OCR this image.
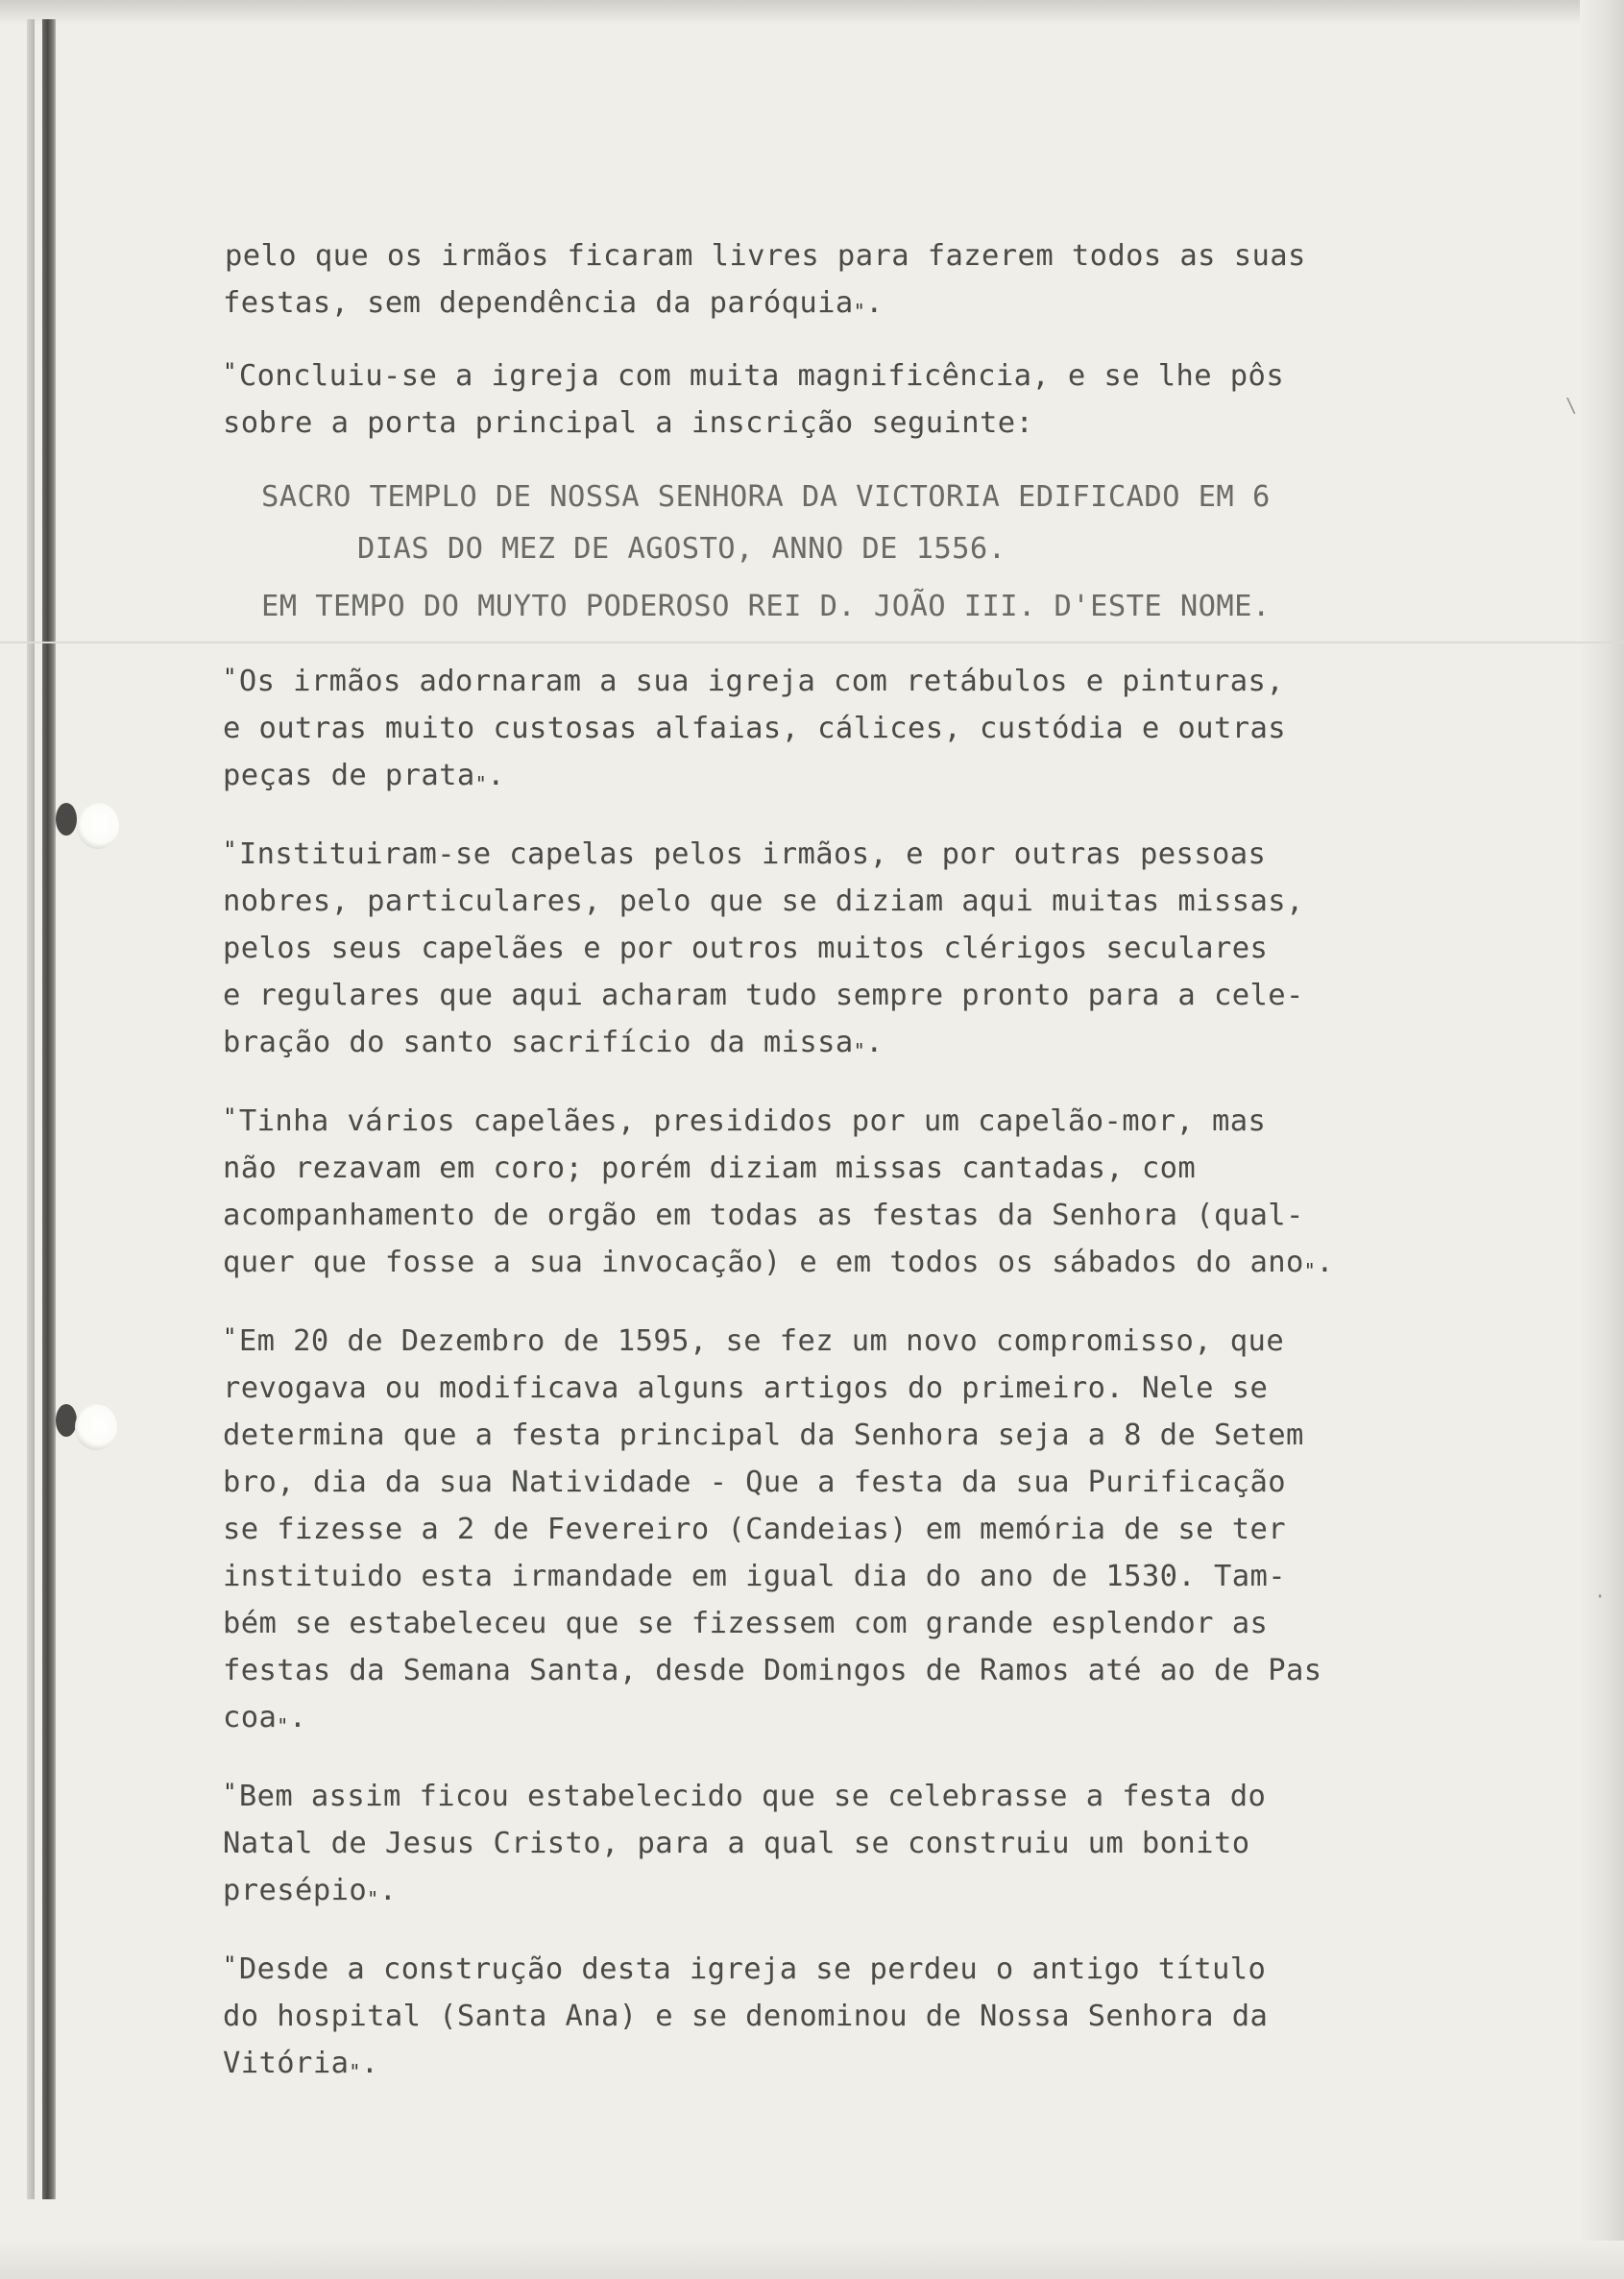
\
·

pelo que os irmãos ficaram livres para fazerem todos as suas
festas, sem dependência da paróquia".

"Concluiu-se a igreja com muita magnificência, e se lhe pôs
sobre a porta principal a inscrição seguinte:

SACRO TEMPLO DE NOSSA SENHORA DA VICTORIA EDIFICADO EM 6
DIAS DO MEZ DE AGOSTO, ANNO DE 1556.
EM TEMPO DO MUYTO PODEROSO REI D. JOÃO III. D'ESTE NOME.

"Os irmãos adornaram a sua igreja com retábulos e pinturas,
e outras muito custosas alfaias, cálices, custódia e outras
peças de prata".

"Instituiram-se capelas pelos irmãos, e por outras pessoas
nobres, particulares, pelo que se diziam aqui muitas missas,
pelos seus capelães e por outros muitos clérigos seculares
e regulares que aqui acharam tudo sempre pronto para a cele-
bração do santo sacrifício da missa".

"Tinha vários capelães, presididos por um capelão-mor, mas
não rezavam em coro; porém diziam missas cantadas, com
acompanhamento de orgão em todas as festas da Senhora (qual-
quer que fosse a sua invocação) e em todos os sábados do ano".

"Em 20 de Dezembro de 1595, se fez um novo compromisso, que
revogava ou modificava alguns artigos do primeiro. Nele se
determina que a festa principal da Senhora seja a 8 de Setem
bro, dia da sua Natividade - Que a festa da sua Purificação
se fizesse a 2 de Fevereiro (Candeias) em memória de se ter
instituido esta irmandade em igual dia do ano de 1530. Tam-
bém se estabeleceu que se fizessem com grande esplendor as
festas da Semana Santa, desde Domingos de Ramos até ao de Pas
coa".

"Bem assim ficou estabelecido que se celebrasse a festa do
Natal de Jesus Cristo, para a qual se construiu um bonito
presépio".

"Desde a construção desta igreja se perdeu o antigo título
do hospital (Santa Ana) e se denominou de Nossa Senhora da
Vitória".
